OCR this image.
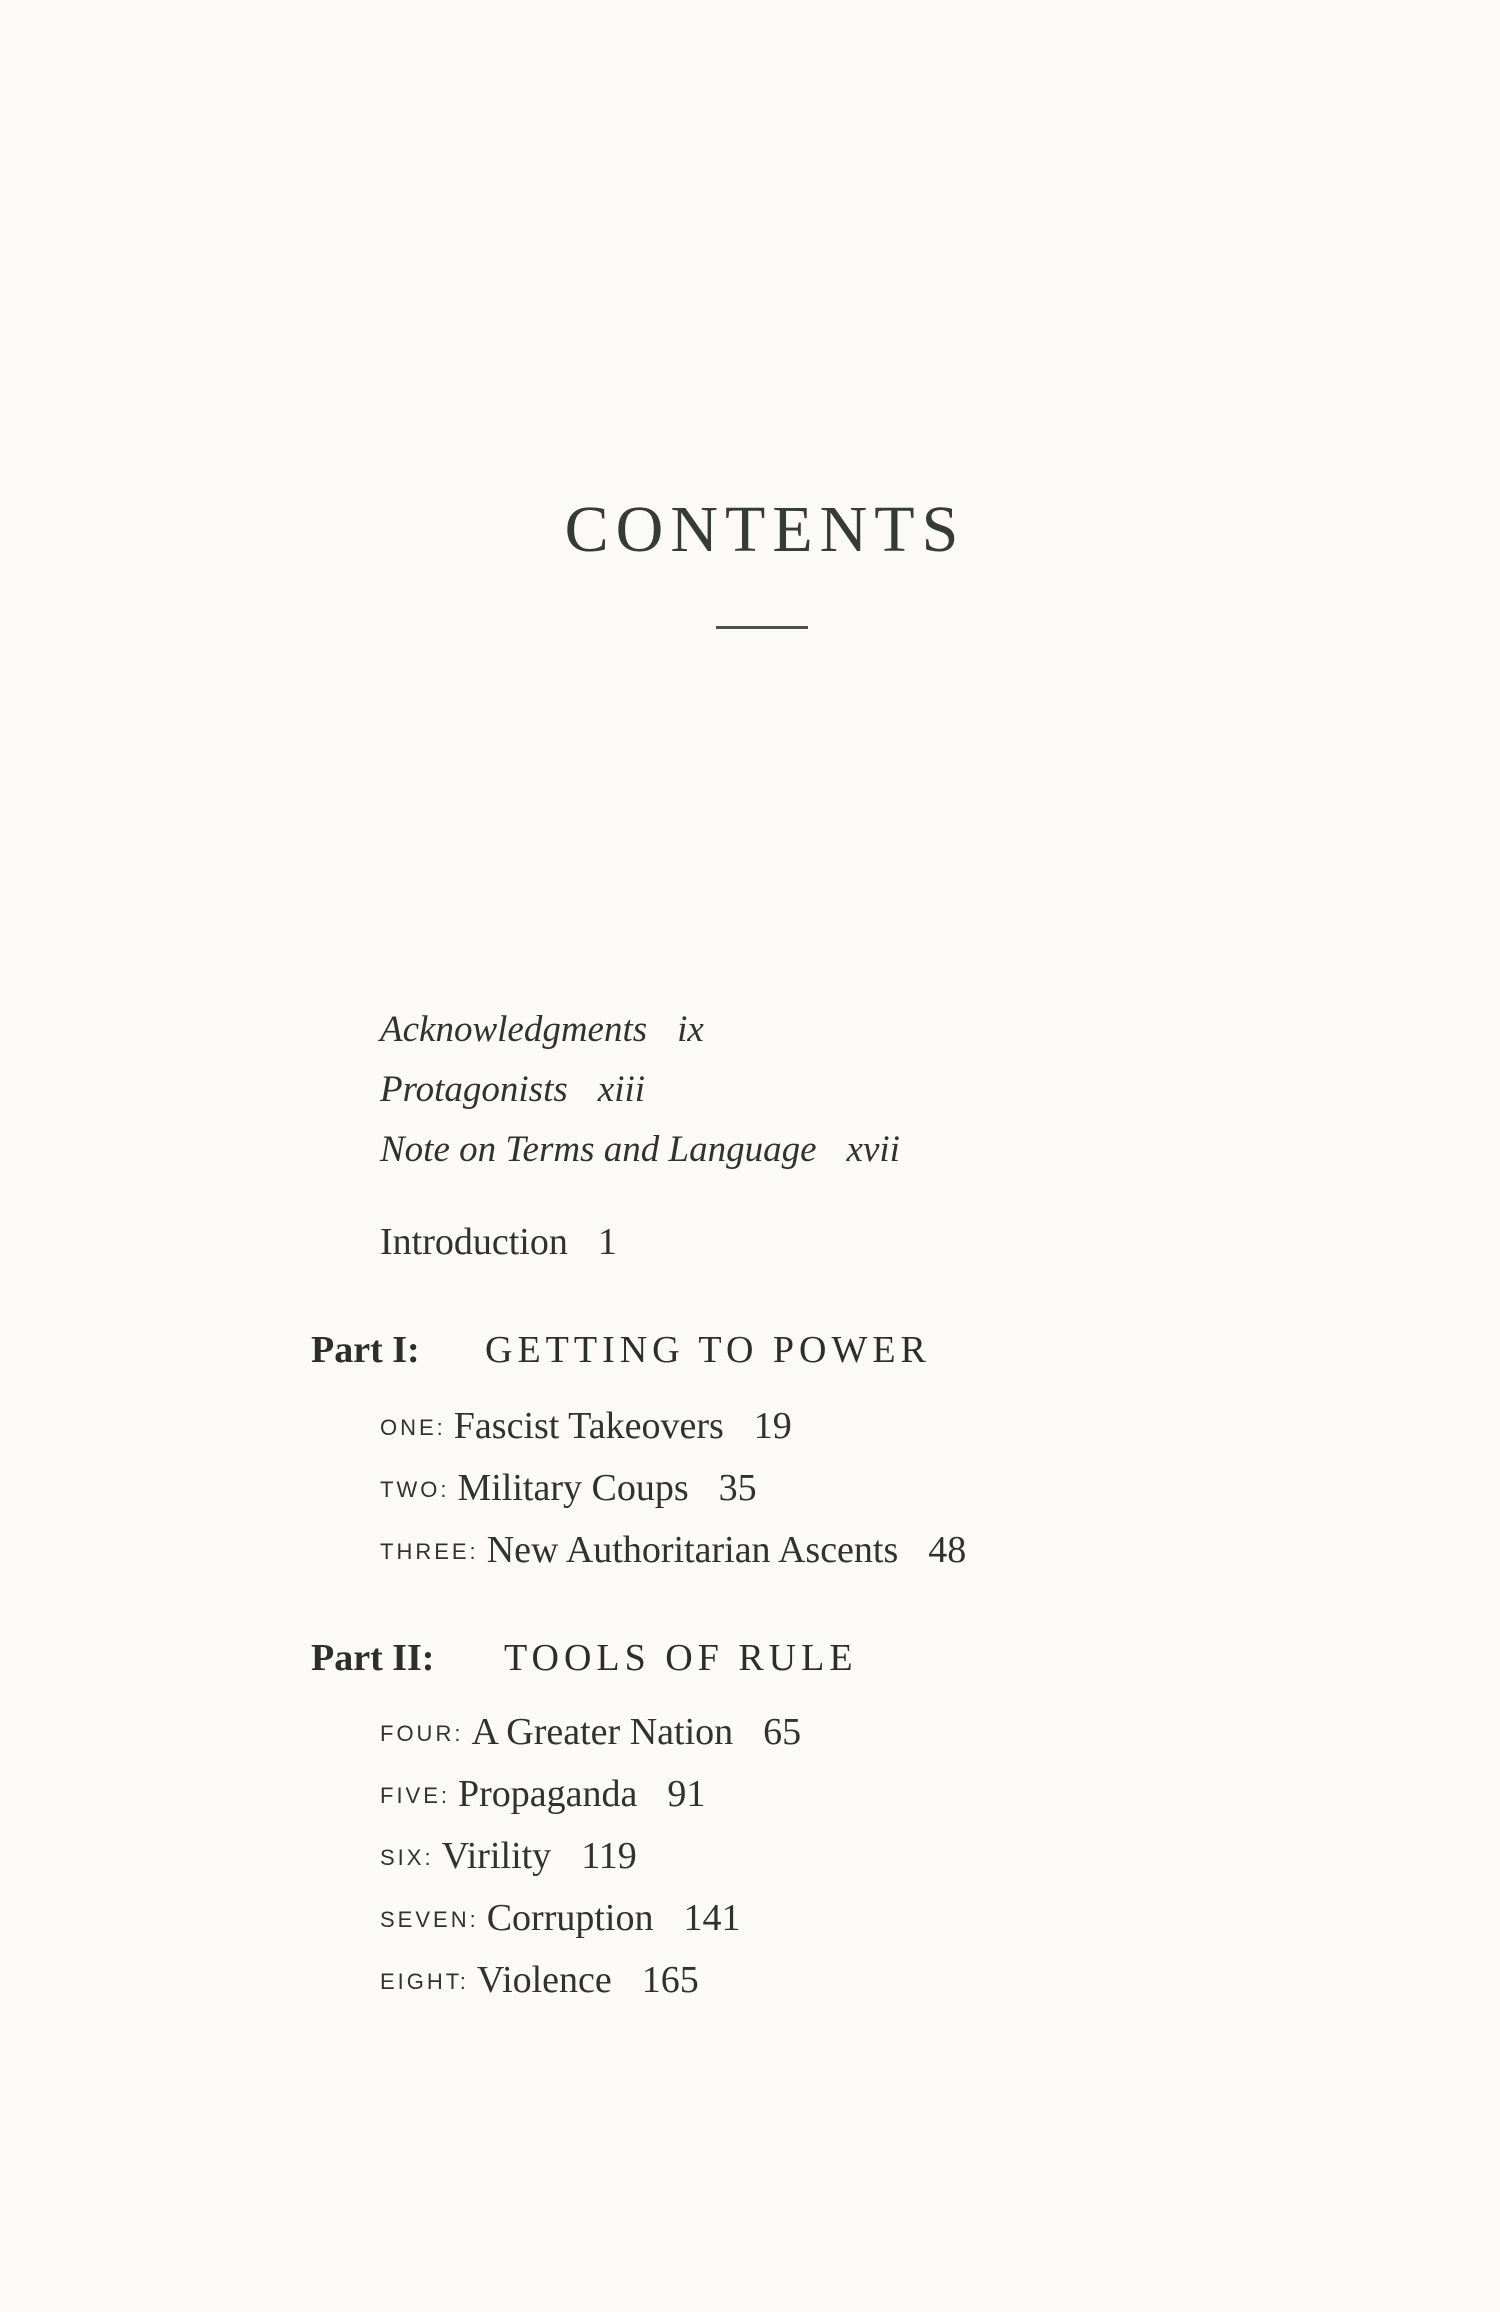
CONTENTS
Acknowledgments ix
Protagonists xiii
Note on Terms and Language xvii
Introduction 1
Part I: GETTING TO POWER
ONE: Fascist Takeovers 19
TWO: Military Coups 35
THREE: New Authoritarian Ascents 48
Part II: TOOLS OF RULE
FOUR: A Greater Nation 65
FIVE: Propaganda 91
SIX: Virility 119
SEVEN: Corruption 141
EIGHT: Violence 165
